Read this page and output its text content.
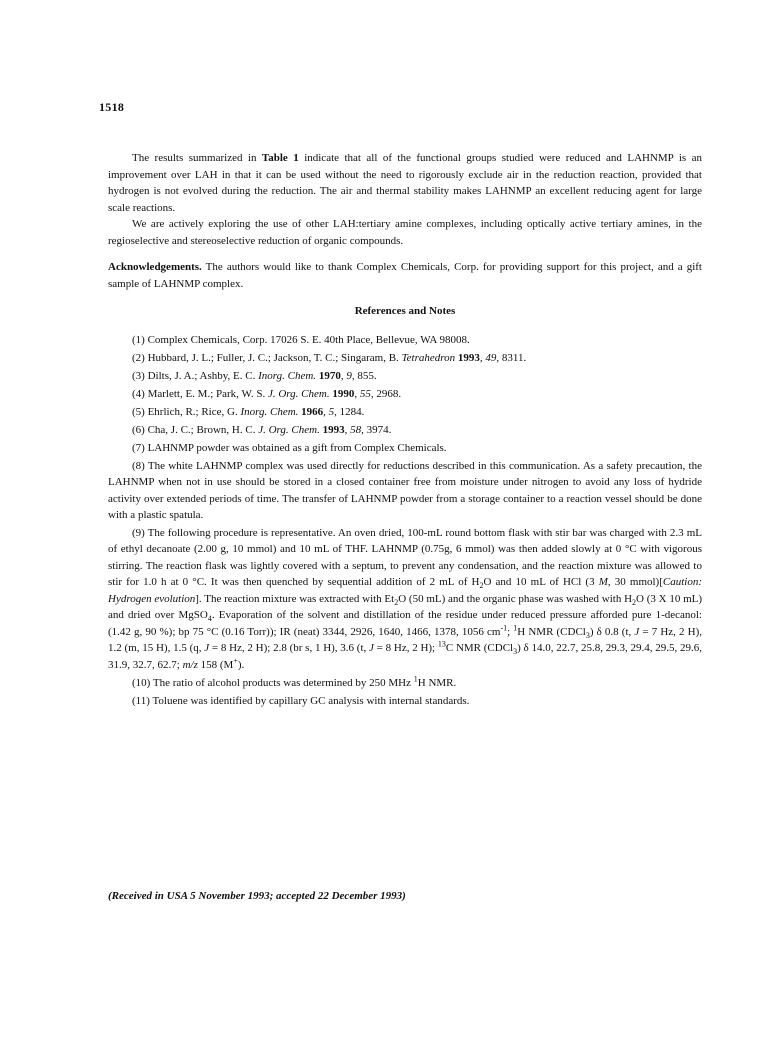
1518

The results summarized in Table 1 indicate that all of the functional groups studied were reduced and LAHNMP is an improvement over LAH in that it can be used without the need to rigorously exclude air in the reduction reaction, provided that hydrogen is not evolved during the reduction. The air and thermal stability makes LAHNMP an excellent reducing agent for large scale reactions.

We are actively exploring the use of other LAH:tertiary amine complexes, including optically active tertiary amines, in the regioselective and stereoselective reduction of organic compounds.

Acknowledgements. The authors would like to thank Complex Chemicals, Corp. for providing support for this project, and a gift sample of LAHNMP complex.

References and Notes
(1) Complex Chemicals, Corp. 17026 S. E. 40th Place, Bellevue, WA 98008.
(2) Hubbard, J. L.; Fuller, J. C.; Jackson, T. C.; Singaram, B. Tetrahedron 1993, 49, 8311.
(3) Dilts, J. A.; Ashby, E. C. Inorg. Chem. 1970, 9, 855.
(4) Marlett, E. M.; Park, W. S. J. Org. Chem. 1990, 55, 2968.
(5) Ehrlich, R.; Rice, G. Inorg. Chem. 1966, 5, 1284.
(6) Cha, J. C.; Brown, H. C. J. Org. Chem. 1993, 58, 3974.
(7) LAHNMP powder was obtained as a gift from Complex Chemicals.
(8) The white LAHNMP complex was used directly for reductions described in this communication. As a safety precaution, the LAHNMP when not in use should be stored in a closed container free from moisture under nitrogen to avoid any loss of hydride activity over extended periods of time. The transfer of LAHNMP powder from a storage container to a reaction vessel should be done with a plastic spatula.
(9) The following procedure is representative. An oven dried, 100-mL round bottom flask with stir bar was charged with 2.3 mL of ethyl decanoate (2.00 g, 10 mmol) and 10 mL of THF. LAHNMP (0.75g, 6 mmol) was then added slowly at 0 °C with vigorous stirring. The reaction flask was lightly covered with a septum, to prevent any condensation, and the reaction mixture was allowed to stir for 1.0 h at 0 °C. It was then quenched by sequential addition of 2 mL of $H_2O$ and 10 mL of HCl (3 M, 30 mmol)[Caution: Hydrogen evolution]. The reaction mixture was extracted with $Et_2O$ (50 mL) and the organic phase was washed with $H_2O$ (3 X 10 mL) and dried over MgSO$_4$. Evaporation of the solvent and distillation of the residue under reduced pressure afforded pure 1-decanol: (1.42 g, 90 %); bp 75 °C (0.16 Torr)); IR (neat) 3344, 2926, 1640, 1466, 1378, 1056 $cm^{-1}$; $^1$H NMR (CDCl$_3$) δ 0.8 (t, J = 7 Hz, 2 H), 1.2 (m, 15 H), 1.5 (q, J = 8 Hz, 2 H); 2.8 (br s, 1 H), 3.6 (t, J = 8 Hz, 2 H); $^{13}$C NMR (CDCl$_3$) δ 14.0, 22.7, 25.8, 29.3, 29.4, 29.5, 29.6, 31.9, 32.7, 62.7; m/z 158 (M+).
(10) The ratio of alcohol products was determined by 250 MHz $^1$H NMR.
(11) Toluene was identified by capillary GC analysis with internal standards.
(Received in USA 5 November 1993; accepted 22 December 1993)
